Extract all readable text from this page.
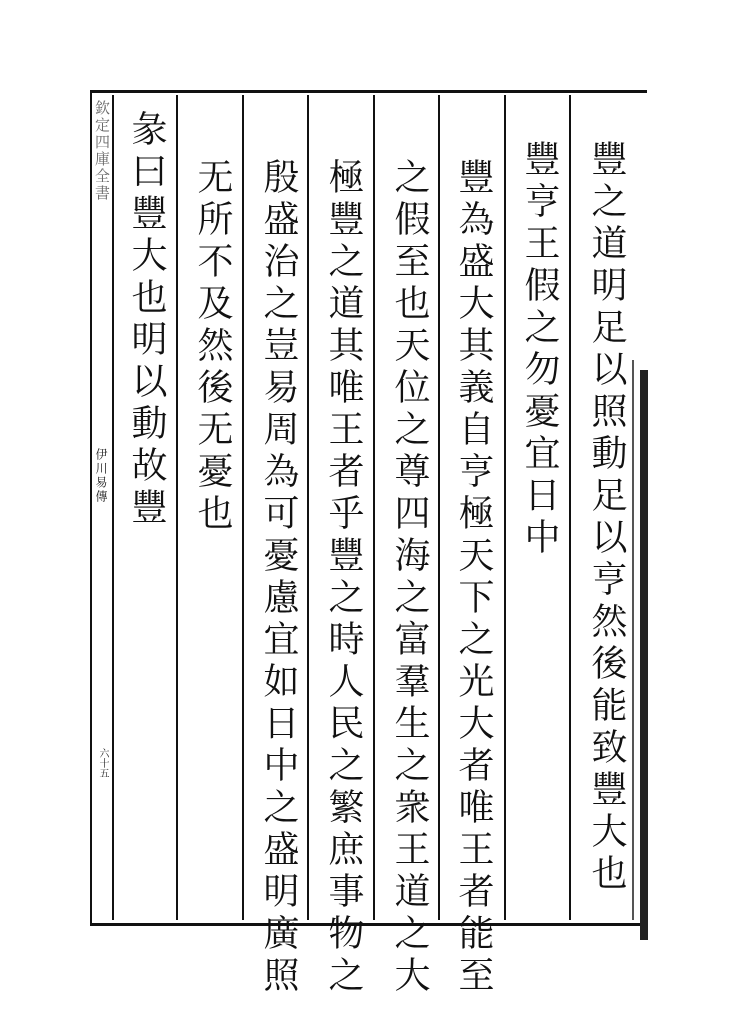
欽定四庫全書
伊川易傳
六十五	豐之道明足以照動足以亨然後能致豐大也
豐亨王假之勿憂宜日中
豐為盛大其義自亨極天下之光大者唯王者能至
之假至也天位之尊四海之富羣生之衆王道之大
極豐之道其唯王者乎豐之時人民之繁庶事物之
殷盛治之豈易周為可憂慮宜如日中之盛明廣照
无所不及然後无憂也
彖曰豐大也明以動故豐
